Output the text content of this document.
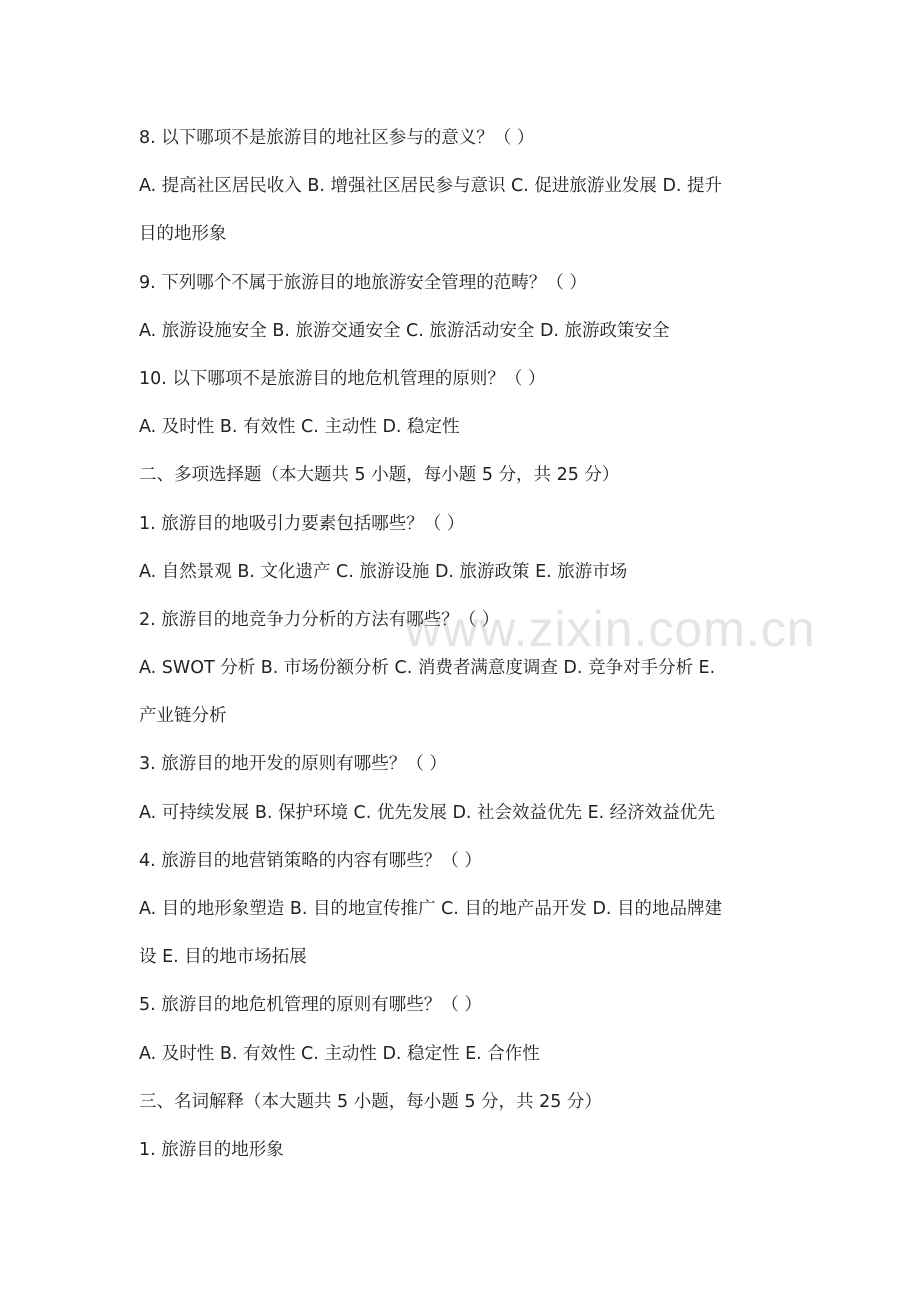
www.zixin.com.cn
8. 以下哪项不是旅游目的地社区参与的意义？（ ）
A. 提高社区居民收入 B. 增强社区居民参与意识 C. 促进旅游业发展 D. 提升
目的地形象
9. 下列哪个不属于旅游目的地旅游安全管理的范畴？（ ）
A. 旅游设施安全 B. 旅游交通安全 C. 旅游活动安全 D. 旅游政策安全
10. 以下哪项不是旅游目的地危机管理的原则？（ ）
A. 及时性 B. 有效性 C. 主动性 D. 稳定性
二、多项选择题（本大题共 5 小题，每小题 5 分，共 25 分）
1. 旅游目的地吸引力要素包括哪些？（ ）
A. 自然景观 B. 文化遗产 C. 旅游设施 D. 旅游政策 E. 旅游市场
2. 旅游目的地竞争力分析的方法有哪些？（ ）
A. SWOT 分析 B. 市场份额分析 C. 消费者满意度调查 D. 竞争对手分析 E.
产业链分析
3. 旅游目的地开发的原则有哪些？（ ）
A. 可持续发展 B. 保护环境 C. 优先发展 D. 社会效益优先 E. 经济效益优先
4. 旅游目的地营销策略的内容有哪些？（ ）
A. 目的地形象塑造 B. 目的地宣传推广 C. 目的地产品开发 D. 目的地品牌建
设 E. 目的地市场拓展
5. 旅游目的地危机管理的原则有哪些？（ ）
A. 及时性 B. 有效性 C. 主动性 D. 稳定性 E. 合作性
三、名词解释（本大题共 5 小题，每小题 5 分，共 25 分）
1. 旅游目的地形象
